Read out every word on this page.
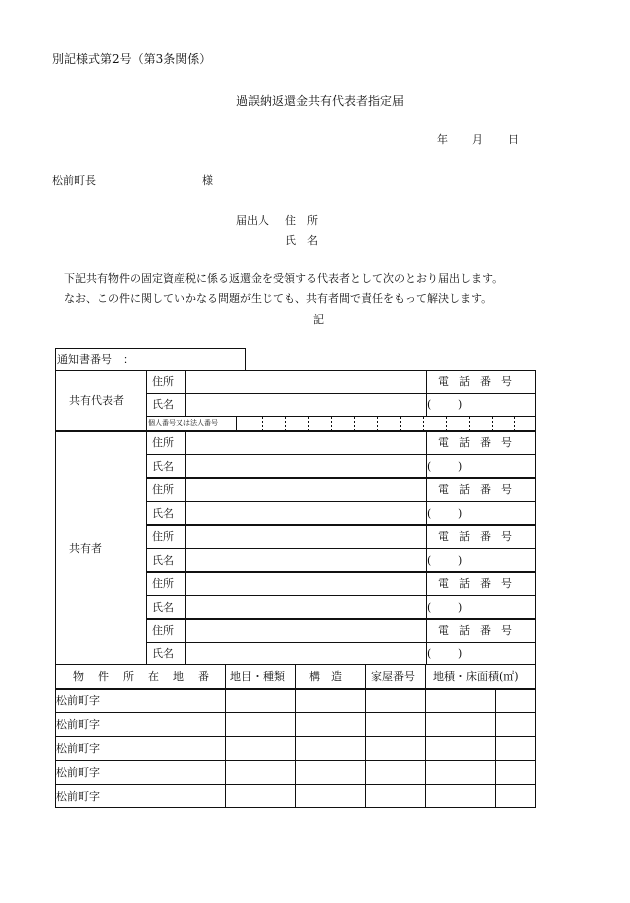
別記様式第2号（第3条関係）
過誤納返還金共有代表者指定届
年 月 日
松前町長	様
届出人 住　所
氏　名
下記共有物件の固定資産税に係る返還金を受領する代表者として次のとおり届出します。
なお、この件に関していかなる問題が生じても、共有者間で責任をもって解決します。
記
通知書番号　：
共有代表者
住所	電話番号
氏名	( )
個人番号又は法人番号
共有者
住所	電話番号
氏名	( )
住所	電話番号
氏名	( )
住所	電話番号
氏名	( )
住所	電話番号
氏名	( )
住所	電話番号
氏名	( )
物件所在地番 地目・種類 構　造	家屋番号 地積・床面積(㎡)
松前町字
松前町字
松前町字
松前町字
松前町字
